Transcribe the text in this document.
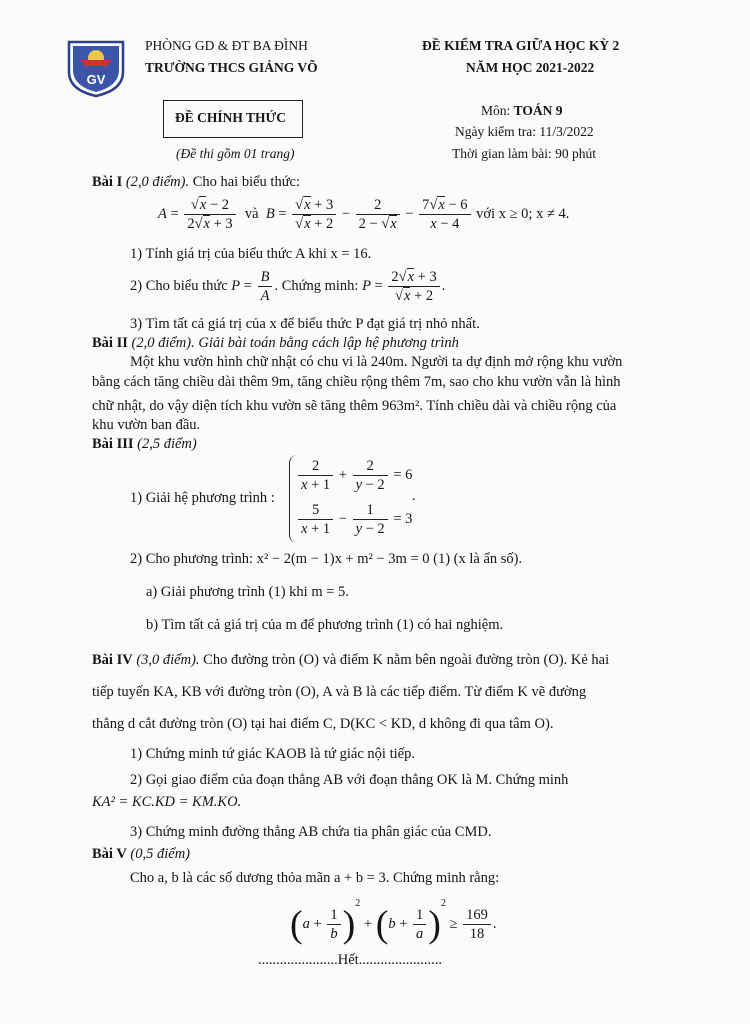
GV
PHÒNG GD & ĐT BA ĐÌNH
TRƯỜNG THCS GIẢNG VÕ
ĐỀ KIỂM TRA GIỮA HỌC KỲ 2
NĂM HỌC 2021-2022
ĐỀ CHÍNH THỨC
(Đề thi gồm 01 trang)
Môn: TOÁN 9
Ngày kiểm tra: 11/3/2022
Thời gian làm bài: 90 phút
Bài I (2,0 điểm). Cho hai biểu thức:
$A = \frac{√x - 2}{2√x + 3}$ và $B = \frac{√x + 3}{√x + 2} - \frac{2}{2 - √x} - \frac{7√x - 6}{x - 4}$ với x ≥ 0; x ≠ 4.
1) Tính giá trị của biểu thức A khi x = 16.
2) Cho biểu thức $P = \frac{B}{A}$ . Chứng minh: $P = \frac{2√x + 3}{√x + 2}$ .
3) Tìm tất cả giá trị của x để biểu thức P đạt giá trị nhỏ nhất.
Bài II (2,0 điểm). Giải bài toán bằng cách lập hệ phương trình
Một khu vườn hình chữ nhật có chu vi là 240m. Người ta dự định mở rộng khu vườn
bằng cách tăng chiều dài thêm 9m, tăng chiều rộng thêm 7m, sao cho khu vườn vẫn là hình
chữ nhật, do vậy diện tích khu vườn sẽ tăng thêm 963m². Tính chiều dài và chiều rộng của
khu vườn ban đầu.
Bài III (2,5 điểm)
1) Giải hệ phương trình :
$\frac{2}{x + 1} + \frac{2}{y - 2} = 6$
$\frac{5}{x + 1} - \frac{1}{y - 2} = 3$
.
2) Cho phương trình: x² − 2(m − 1)x + m² − 3m = 0 (1) (x là ẩn số).
a) Giải phương trình (1) khi m = 5.
b) Tìm tất cả giá trị của m để phương trình (1) có hai nghiệm.
Bài IV (3,0 điểm). Cho đường tròn (O) và điểm K nằm bên ngoài đường tròn (O). Kẻ hai
tiếp tuyến KA, KB với đường tròn (O), A và B là các tiếp điểm. Từ điểm K vẽ đường
thẳng d cắt đường tròn (O) tại hai điểm C, D(KC < KD, d không đi qua tâm O).
1) Chứng minh tứ giác KAOB là tứ giác nội tiếp.
2) Gọi giao điểm của đoạn thẳng AB với đoạn thẳng OK là M. Chứng minh
KA² = KC.KD = KM.KO.
3) Chứng minh đường thẳng AB chứa tia phân giác của CMD.
Bài V (0,5 điểm)
Cho a, b là các số dương thỏa mãn a + b = 3. Chứng minh rằng:
$(a + \frac{1}{b} )^2 + (b + \frac{1}{a} )^2 \ge \frac{169}{18}$ .
......................Hết.......................
